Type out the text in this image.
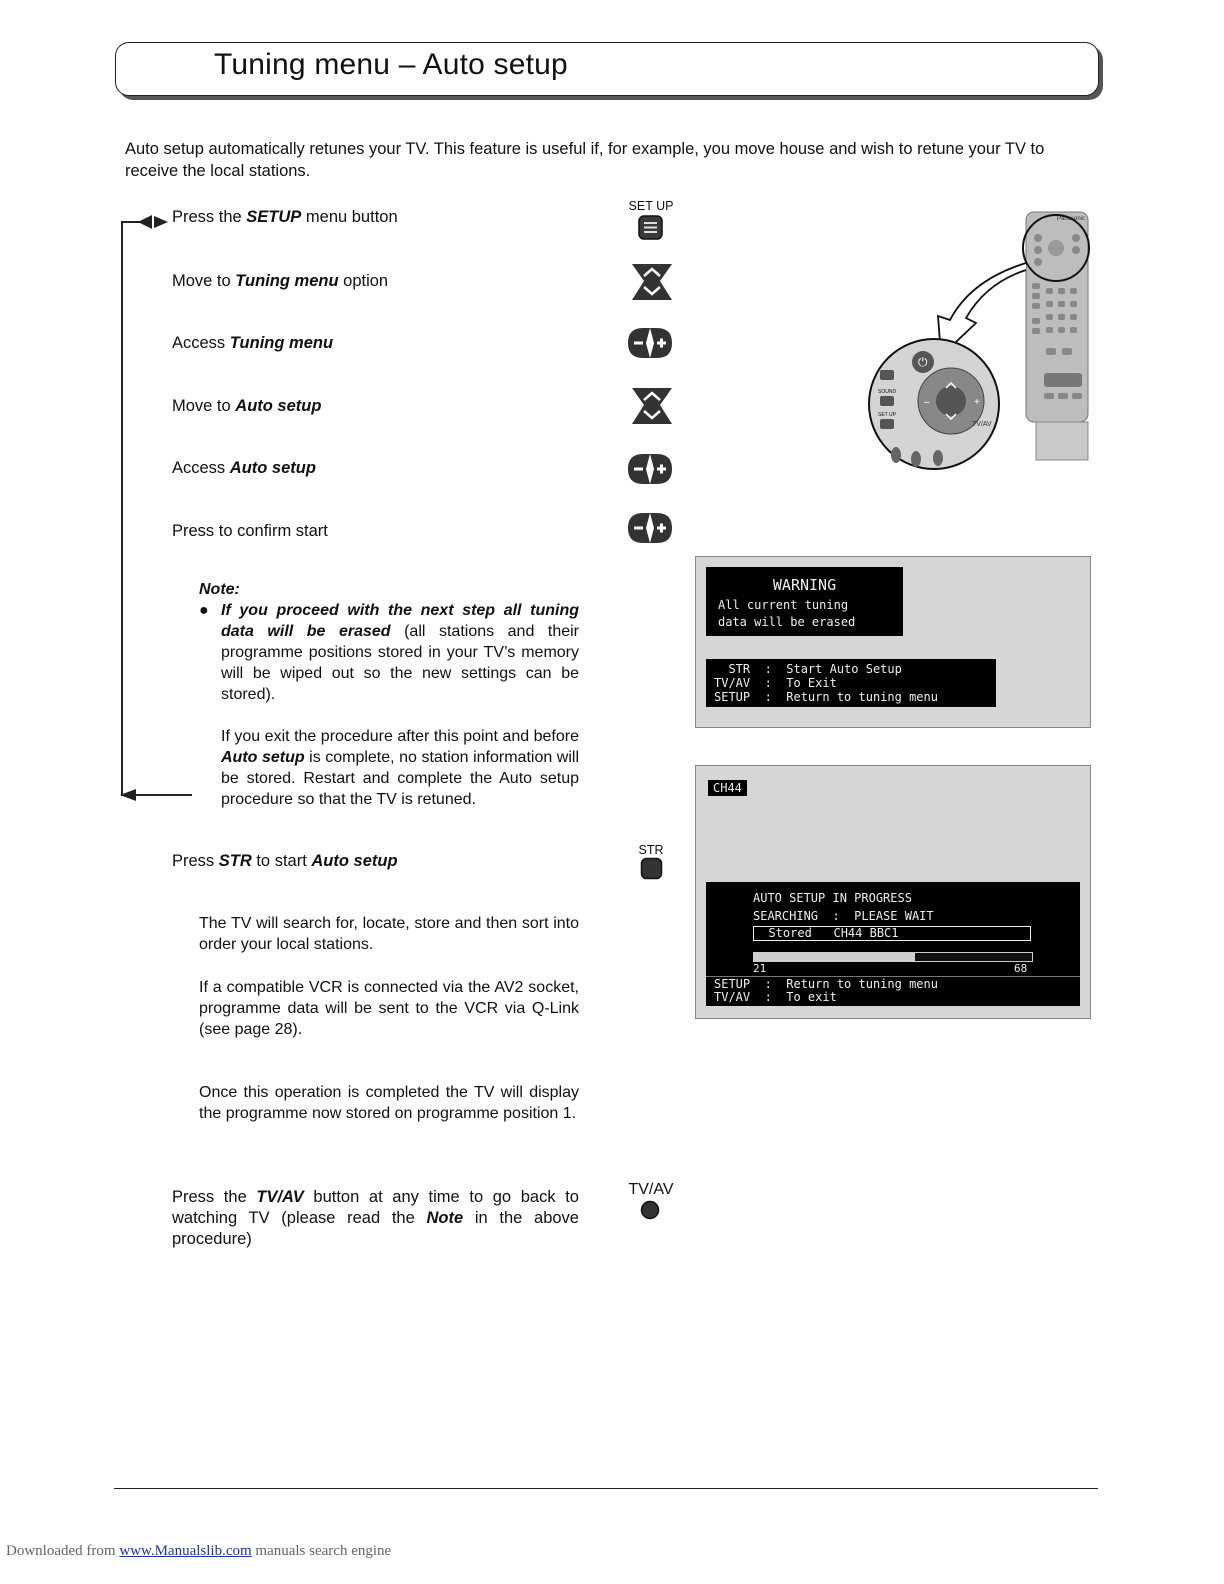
Tuning menu – Auto setup
Auto setup automatically retunes your TV. This feature is useful if, for example, you move house and wish to retune your TV to receive the local stations.
Press the SETUP menu button
SET UP
Move to Tuning menu option
Access Tuning menu
Move to Auto setup
Access Auto setup
Press to confirm start
Note:
● If you proceed with the next step all tuning data will be erased (all stations and their programme positions stored in your TV’s memory will be wiped out so the new settings can be stored).
If you exit the procedure after this point and before Auto setup is complete, no station information will be stored. Restart and complete the Auto setup procedure so that the TV is retuned.
Press STR to start Auto setup
STR
The TV will search for, locate, store and then sort into order your local stations.
If a compatible VCR is connected via the AV2 socket, programme data will be sent to the VCR via Q-Link (see page 28).
Once this operation is completed the TV will display the programme now stored on programme position 1.
Press the TV/AV button at any time to go back to watching TV (please read the Note in the above procedure)
TV/AV
Panasonic
⏻
–	+
SOUND
SET UP
TV/AV
WARNING
All current tuning
data will be erased
STR  :  Start Auto Setup
TV/AV  :  To Exit
SETUP  :  Return to tuning menu
CH44
AUTO SETUP IN PROGRESS
SEARCHING  :  PLEASE WAIT
Stored   CH44 BBC1
21	68
SETUP  :  Return to tuning menu
TV/AV  :  To exit
Downloaded from www.Manualslib.com manuals search engine
